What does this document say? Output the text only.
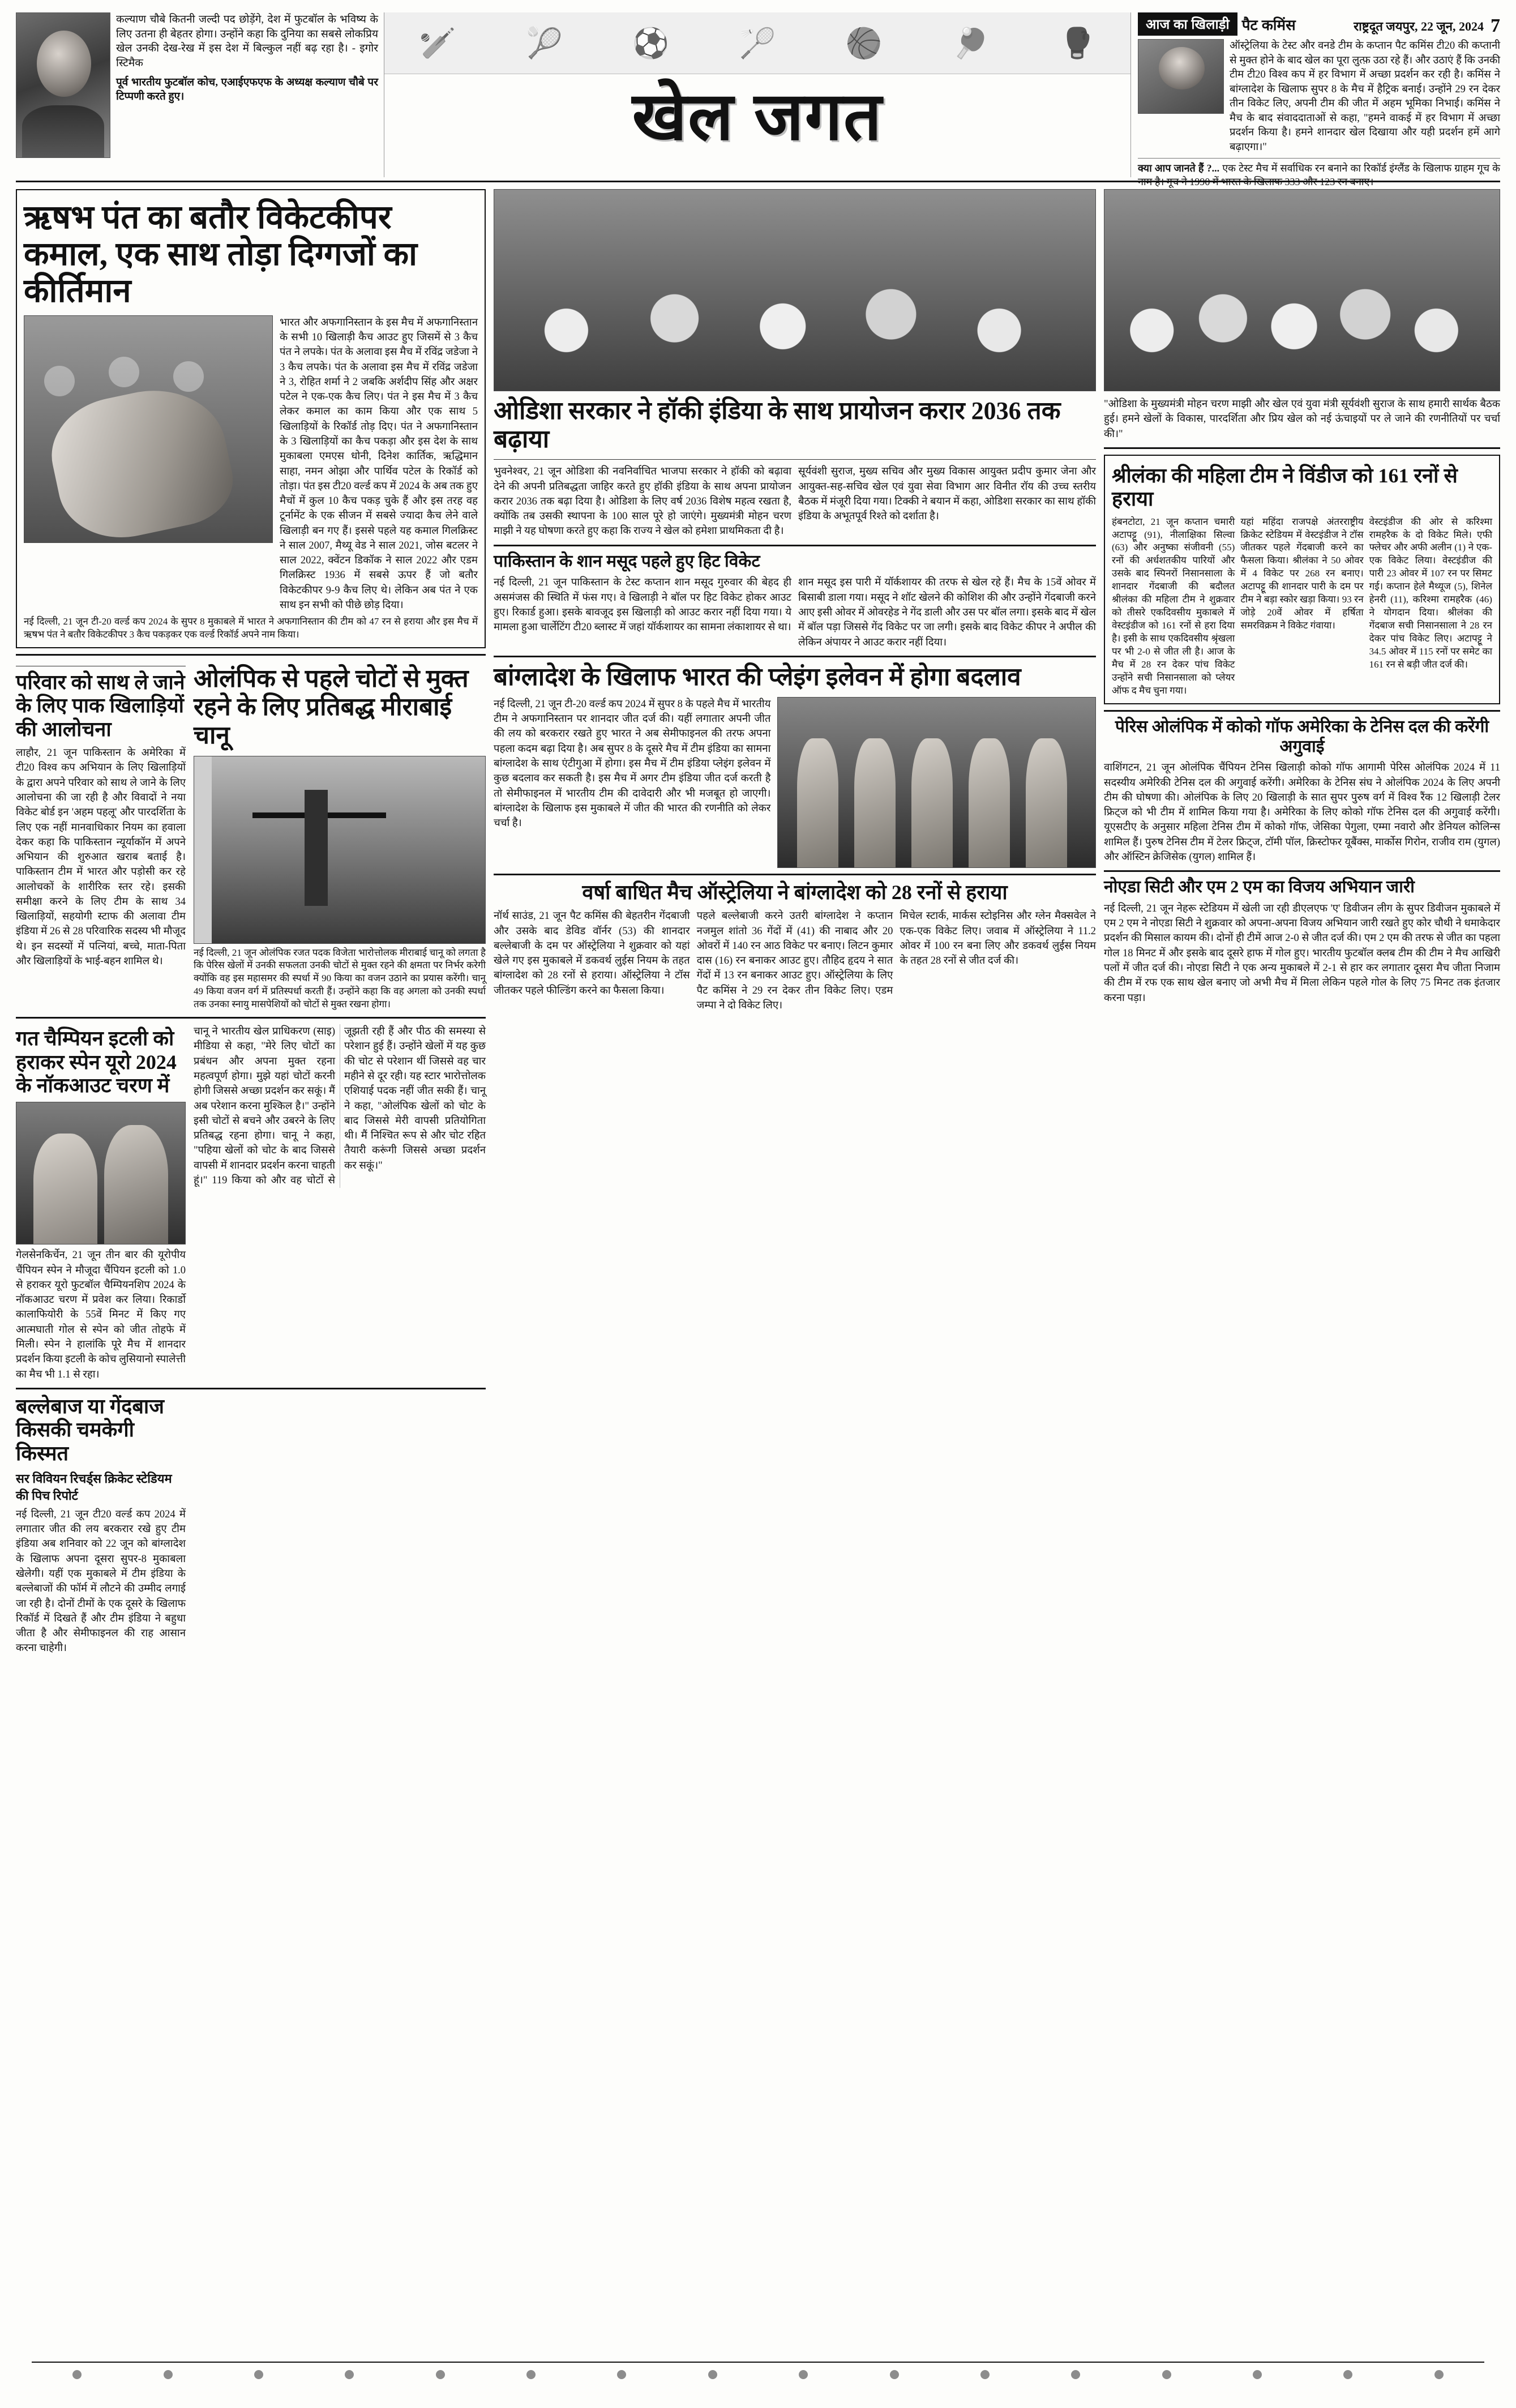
कल्याण चौबे कितनी जल्दी पद छोड़ेंगे, देश में फुटबॉल के भविष्य के लिए उतना ही बेहतर होगा। उन्होंने कहा कि दुनिया का सबसे लोकप्रिय खेल उनकी देख-रेख में इस देश में बिल्कुल नहीं बढ़ रहा है। - इगोर स्टिमैक
पूर्व भारतीय फुटबॉल कोच, एआईएफएफ के अध्यक्ष कल्याण चौबे पर टिप्पणी करते हुए।
🏏 🎾 ⚽ 🏸 🏀 🏓 🥊
खेल जगत
आज का खिलाड़ी पैट कमिंस	राष्ट्रदूत जयपुर, 22 जून, 2024 7
ऑस्ट्रेलिया के टेस्ट और वनडे टीम के कप्तान पैट कमिंस टी20 की कप्तानी से मुक्त होने के बाद खेल का पूरा लुत्फ़ उठा रहे हैं। और उठाएं हैं कि उनकी टीम टी20 विश्व कप में हर विभाग में अच्छा प्रदर्शन कर रही है। कमिंस ने बांग्लादेश के खिलाफ सुपर 8 के मैच में हैट्रिक बनाई। उन्होंने 29 रन देकर तीन विकेट लिए, अपनी टीम की जीत में अहम भूमिका निभाई। कमिंस ने मैच के बाद संवाददाताओं से कहा, "हमने वाकई में हर विभाग में अच्छा प्रदर्शन किया है। हमने शानदार खेल दिखाया और यही प्रदर्शन हमें आगे बढ़ाएगा।"
क्या आप जानते हैं ?... एक टेस्ट मैच में सर्वाधिक रन बनाने का रिकॉर्ड इंग्लैंड के खिलाफ ग्राहम गूच के नाम है। गूच ने 1990 में भारत के खिलाफ 333 और 123 रन बनाए।
ऋषभ पंत का बतौर विकेटकीपर कमाल, एक साथ तोड़ा दिग्गजों का कीर्तिमान
भारत और अफगानिस्तान के इस मैच में अफगानिस्तान के सभी 10 खिलाड़ी कैच आउट हुए जिसमें से 3 कैच पंत ने लपके। पंत के अलावा इस मैच में रविंद्र जडेजा ने 3 कैच लपके। पंत के अलावा इस मैच में रविंद्र जडेजा ने 3, रोहित शर्मा ने 2 जबकि अर्शदीप सिंह और अक्षर पटेल ने एक-एक कैच लिए। पंत ने इस मैच में 3 कैच लेकर कमाल का काम किया और एक साथ 5 खिलाड़ियों के रिकॉर्ड तोड़ दिए। पंत ने अफगानिस्तान के 3 खिलाड़ियों का कैच पकड़ा और इस देश के साथ मुकाबला एमएस धोनी, दिनेश कार्तिक, ऋद्धिमान साहा, नमन ओझा और पार्थिव पटेल के रिकॉर्ड को तोड़ा। पंत इस टी20 वर्ल्ड कप में 2024 के अब तक हुए मैचों में कुल 10 कैच पकड़ चुके हैं और इस तरह वह टूर्नामेंट के एक सीजन में सबसे ज्यादा कैच लेने वाले खिलाड़ी बन गए हैं। इससे पहले यह कमाल गिलक्रिस्ट ने साल 2007, मैथ्यू वेड ने साल 2021, जोस बटलर ने साल 2022, क्वेंटन डिकॉक ने साल 2022 और एडम गिलक्रिस्ट 1936 में सबसे ऊपर हैं जो बतौर विकेटकीपर 9-9 कैच लिए थे। लेकिन अब पंत ने एक साथ इन सभी को पीछे छोड़ दिया।
नई दिल्ली, 21 जून टी-20 वर्ल्ड कप 2024 के सुपर 8 मुकाबले में भारत ने अफगानिस्तान की टीम को 47 रन से हराया और इस मैच में ऋषभ पंत ने बतौर विकेटकीपर 3 कैच पकड़कर एक वर्ल्ड रिकॉर्ड अपने नाम किया।
परिवार को साथ ले जाने के लिए पाक खिलाड़ियों की आलोचना
लाहौर, 21 जून पाकिस्तान के अमेरिका में टी20 विश्व कप अभियान के लिए खिलाड़ियों के द्वारा अपने परिवार को साथ ले जाने के लिए आलोचना की जा रही है और विवादों ने नया विकेट बोर्ड इन 'अहम पहलू' और पारदर्शिता के लिए एक नहीं मानवाधिकार नियम का हवाला देकर कहा कि पाकिस्तान न्यूर्याकॉन में अपने अभियान की शुरुआत खराब बताई है। पाकिस्तान टीम में भारत और पड़ोसी कर रहे आलोचकों के शारीरिक स्तर रहे। इसकी समीक्षा करने के लिए टीम के साथ 34 खिलाड़ियों, सहयोगी स्टाफ की अलावा टीम इंडिया में 26 से 28 परिवारिक सदस्य भी मौजूद थे। इन सदस्यों में पत्नियां, बच्चे, माता-पिता और खिलाड़ियों के भाई-बहन शामिल थे।
ओलंपिक से पहले चोटों से मुक्त रहने के लिए प्रतिबद्ध मीराबाई चानू
नई दिल्ली, 21 जून ओलंपिक रजत पदक विजेता भारोत्तोलक मीराबाई चानू को लगता है कि पेरिस खेलों में उनकी सफलता उनकी चोटों से मुक्त रहने की क्षमता पर निर्भर करेगी क्योंकि वह इस महासमर की स्पर्धा में 90 किया का वजन उठाने का प्रयास करेंगी। चानू 49 किया वजन वर्ग में प्रतिस्पर्धा करती हैं। उन्होंने कहा कि वह अगला को उनकी स्पर्धा तक उनका स्नायु मासपेशियों को चोटों से मुक्त रखना होगा।
गत चैम्पियन इटली को हराकर स्पेन यूरो 2024 के नॉकआउट चरण में
गेलसेनकिर्चेन, 21 जून तीन बार की यूरोपीय चैंपियन स्पेन ने मौजूदा चैंपियन इटली को 1.0 से हराकर यूरो फुटबॉल चैम्पियनशिप 2024 के नॉकआउट चरण में प्रवेश कर लिया। रिकार्डो कालाफियोरी के 55वें मिनट में किए गए आत्मघाती गोल से स्पेन को जीत तोहफे में मिली। स्पेन ने हालांकि पूरे मैच में शानदार प्रदर्शन किया इटली के कोच लुसियानो स्पालेत्ती का मैच भी 1.1 से रहा।
चानू ने भारतीय खेल प्राधिकरण (साइ) मीडिया से कहा, "मेरे लिए चोटों का प्रबंधन और अपना मुक्त रहना महत्वपूर्ण होगा। मुझे यहां चोटों करनी होगी जिससे अच्छा प्रदर्शन कर सकूं। मैं अब परेशान करना मुश्किल है।" उन्होंने इसी चोटों से बचने और उबरने के लिए प्रतिबद्ध रहना होगा। चानू ने कहा, "पहिया खेलों को चोट के बाद जिससे वापसी में शानदार प्रदर्शन करना चाहती हूं।" 119 किया को और वह चोटों से जूझती रही हैं और पीठ की समस्या से परेशान हुई हैं। उन्होंने खेलों में यह कुछ की चोट से परेशान थीं जिससे वह चार महीने से दूर रही। यह स्टार भारोत्तोलक एशियाई पदक नहीं जीत सकी हैं। चानू ने कहा, "ओलंपिक खेलों को चोट के बाद जिससे मेरी वापसी प्रतियोगिता थी। मैं निश्चित रूप से और चोट रहित तैयारी करूंगी जिससे अच्छा प्रदर्शन कर सकूं।"
बल्लेबाज या गेंदबाज किसकी चमकेगी किस्मत
सर विवियन रिचर्ड्स क्रिकेट स्टेडियम की पिच रिपोर्ट
नई दिल्ली, 21 जून टी20 वर्ल्ड कप 2024 में लगातार जीत की लय बरकरार रखे हुए टीम इंडिया अब शनिवार को 22 जून को बांग्लादेश के खिलाफ अपना दूसरा सुपर-8 मुकाबला खेलेगी। यहीं एक मुकाबले में टीम इंडिया के बल्लेबाजों की फॉर्म में लौटने की उम्मीद लगाई जा रही है। दोनों टीमों के एक दूसरे के खिलाफ रिकॉर्ड में दिखते हैं और टीम इंडिया ने बहुधा जीता है और सेमीफाइनल की राह आसान करना चाहेगी।
ओडिशा सरकार ने हॉकी इंडिया के साथ प्रायोजन करार 2036 तक बढ़ाया
भुवनेश्वर, 21 जून ओडिशा की नवनिर्वाचित भाजपा सरकार ने हॉकी को बढ़ावा देने की अपनी प्रतिबद्धता जाहिर करते हुए हॉकी इंडिया के साथ अपना प्रायोजन करार 2036 तक बढ़ा दिया है। ओडिशा के लिए वर्ष 2036 विशेष महत्व रखता है, क्योंकि तब उसकी स्थापना के 100 साल पूरे हो जाएंगे। मुख्यमंत्री मोहन चरण माझी ने यह घोषणा करते हुए कहा कि राज्य ने खेल को हमेशा प्राथमिकता दी है।
सूर्यवंशी सुराज, मुख्य सचिव और मुख्य विकास आयुक्त प्रदीप कुमार जेना और आयुक्त-सह-सचिव खेल एवं युवा सेवा विभाग आर विनीत रॉय की उच्च स्तरीय बैठक में मंजूरी दिया गया। टिक्की ने बयान में कहा, ओडिशा सरकार का साथ हॉकी इंडिया के अभूतपूर्व रिश्ते को दर्शाता है।
पाकिस्तान के शान मसूद पहले हुए हिट विकेट
नई दिल्ली, 21 जून पाकिस्तान के टेस्ट कप्तान शान मसूद गुरुवार की बेहद ही असमंजस की स्थिति में फंस गए। वे खिलाड़ी ने बॉल पर हिट विकेट होकर आउट हुए। रिकार्ड हुआ। इसके बावजूद इस खिलाड़ी को आउट करार नहीं दिया गया। ये मामला हुआ चार्लेटिंग टी20 ब्लास्ट में जहां यॉर्कशायर का सामना लंकाशायर से था।
शान मसूद इस पारी में यॉर्कशायर की तरफ से खेल रहे हैं। मैच के 15वें ओवर में बिसाबी डाला गया। मसूद ने शॉट खेलने की कोशिश की और उन्होंने गेंदबाजी करने आए इसी ओवर में ओवरहेड ने गेंद डाली और उस पर बॉल लगा। इसके बाद में खेल में बॉल पड़ा जिससे गेंद विकेट पर जा लगी। इसके बाद विकेट कीपर ने अपील की लेकिन अंपायर ने आउट करार नहीं दिया।
बांग्लादेश के खिलाफ भारत की प्लेइंग इलेवन में होगा बदलाव
नई दिल्ली, 21 जून टी-20 वर्ल्ड कप 2024 में सुपर 8 के पहले मैच में भारतीय टीम ने अफगानिस्तान पर शानदार जीत दर्ज की। यहीं लगातार अपनी जीत की लय को बरकरार रखते हुए भारत ने अब सेमीफाइनल की तरफ अपना पहला कदम बढ़ा दिया है। अब सुपर 8 के दूसरे मैच में टीम इंडिया का सामना बांग्लादेश के साथ एंटीगुआ में होगा। इस मैच में टीम इंडिया प्लेइंग इलेवन में कुछ बदलाव कर सकती है। इस मैच में अगर टीम इंडिया जीत दर्ज करती है तो सेमीफाइनल में भारतीय टीम की दावेदारी और भी मजबूत हो जाएगी। बांग्लादेश के खिलाफ इस मुकाबले में जीत की भारत की रणनीति को लेकर चर्चा है।
वर्षा बाधित मैच ऑस्ट्रेलिया ने बांग्लादेश को 28 रनों से हराया
नॉर्थ साउंड, 21 जून पैट कमिंस की बेहतरीन गेंदबाजी और उसके बाद डेविड वॉर्नर (53) की शानदार बल्लेबाजी के दम पर ऑस्ट्रेलिया ने शुक्रवार को यहां खेले गए इस मुकाबले में डकवर्थ लुईस नियम के तहत बांग्लादेश को 28 रनों से हराया। ऑस्ट्रेलिया ने टॉस जीतकर पहले फील्डिंग करने का फैसला किया।
पहले बल्लेबाजी करने उतरी बांग्लादेश ने कप्तान नजमुल शांतो 36 गेंदों में (41) की नाबाद और 20 ओवरों में 140 रन आठ विकेट पर बनाए। लिटन कुमार दास (16) रन बनाकर आउट हुए। तौहिद हृदय ने सात गेंदों में 13 रन बनाकर आउट हुए। ऑस्ट्रेलिया के लिए पैट कमिंस ने 29 रन देकर तीन विकेट लिए। एडम जम्पा ने दो विकेट लिए।
मिचेल स्टार्क, मार्कस स्टोइनिस और ग्लेन मैक्सवेल ने एक-एक विकेट लिए। जवाब में ऑस्ट्रेलिया ने 11.2 ओवर में 100 रन बना लिए और डकवर्थ लुईस नियम के तहत 28 रनों से जीत दर्ज की।
"ओडिशा के मुख्यमंत्री मोहन चरण माझी और खेल एवं युवा मंत्री सूर्यवंशी सुराज के साथ हमारी सार्थक बैठक हुई। हमने खेलों के विकास, पारदर्शिता और प्रिय खेल को नई ऊंचाइयों पर ले जाने की रणनीतियों पर चर्चा की।"
श्रीलंका की महिला टीम ने विंडीज को 161 रनों से हराया
हंबनटोटा, 21 जून कप्तान चमारी अटापट्टू (91), नीलाक्षिका सिल्वा (63) और अनुष्का संजीवनी (55) रनों की अर्धशतकीय पारियों और उसके बाद स्पिनरों निसानसाला के शानदार गेंदबाजी की बदौलत श्रीलंका की महिला टीम ने शुक्रवार को तीसरे एकदिवसीय मुकाबले में वेस्टइंडीज को 161 रनों से हरा दिया है। इसी के साथ एकदिवसीय श्रृंखला पर भी 2-0 से जीत ली है। आज के मैच में 28 रन देकर पांच विकेट उन्होंने सची निसानसाला को प्लेयर ऑफ द मैच चुना गया।
यहां महिंदा राजपक्षे अंतरराष्ट्रीय क्रिकेट स्टेडियम में वेस्टइंडीज ने टॉस जीतकर पहले गेंदबाजी करने का फैसला किया। श्रीलंका ने 50 ओवर में 4 विकेट पर 268 रन बनाए। अटापट्टू की शानदार पारी के दम पर टीम ने बड़ा स्कोर खड़ा किया। 93 रन जोड़े 20वें ओवर में हर्षिता समरविक्रम ने विकेट गंवाया।
वेस्टइंडीज की ओर से करिश्मा रामहरैक के दो विकेट मिले। एफी फ्लेचर और अफी अलीन (1) ने एक-एक विकेट लिया। वेस्टइंडीज की पारी 23 ओवर में 107 रन पर सिमट गई। कप्तान हेले मैथ्यूज (5), शिनेल हेनरी (11), करिश्मा रामहरैक (46) ने योगदान दिया। श्रीलंका की गेंदबाज सची निसानसाला ने 28 रन देकर पांच विकेट लिए। अटापट्टू ने 34.5 ओवर में 115 रनों पर समेट का 161 रन से बड़ी जीत दर्ज की।
पेरिस ओलंपिक में कोको गॉफ अमेरिका के टेनिस दल की करेंगी अगुवाई
वाशिंगटन, 21 जून ओलंपिक चैंपियन टेनिस खिलाड़ी कोको गॉफ आगामी पेरिस ओलंपिक 2024 में 11 सदस्यीय अमेरिकी टेनिस दल की अगुवाई करेंगी। अमेरिका के टेनिस संघ ने ओलंपिक 2024 के लिए अपनी टीम की घोषणा की। ओलंपिक के लिए 20 खिलाड़ी के सात सुपर पुरुष वर्ग में विश्व रैंक 12 खिलाड़ी टेलर फ्रिट्ज को भी टीम में शामिल किया गया है। अमेरिका के लिए कोको गॉफ टेनिस दल की अगुवाई करेंगी। यूएसटीए के अनुसार महिला टेनिस टीम में कोको गॉफ, जेसिका पेगुला, एम्मा नवारो और डेनियल कोलिन्स शामिल हैं। पुरुष टेनिस टीम में टेलर फ्रिट्ज, टॉमी पॉल, क्रिस्टोफर यूबैंक्स, मार्कोस गिरोन, राजीव राम (युगल) और ऑस्टिन क्रेजिसेक (युगल) शामिल हैं।
नोएडा सिटी और एम 2 एम का विजय अभियान जारी
नई दिल्ली, 21 जून नेहरू स्टेडियम में खेली जा रही डीएलएफ 'ए' डिवीजन लीग के सुपर डिवीजन मुकाबले में एम 2 एम ने नोएडा सिटी ने शुक्रवार को अपना-अपना विजय अभियान जारी रखते हुए कोर चौथी ने धमाकेदार प्रदर्शन की मिसाल कायम की। दोनों ही टीमें आज 2-0 से जीत दर्ज की। एम 2 एम की तरफ से जीत का पहला गोल 18 मिनट में और इसके बाद दूसरे हाफ में गोल हुए। भारतीय फुटबॉल क्लब टीम की टीम ने मैच आखिरी पलों में जीत दर्ज की। नोएडा सिटी ने एक अन्य मुकाबले में 2-1 से हार कर लगातार दूसरा मैच जीता निजाम की टीम में रफ एक साथ खेल बनाए जो अभी मैच में मिला लेकिन पहले गोल के लिए 75 मिनट तक इंतजार करना पड़ा।
